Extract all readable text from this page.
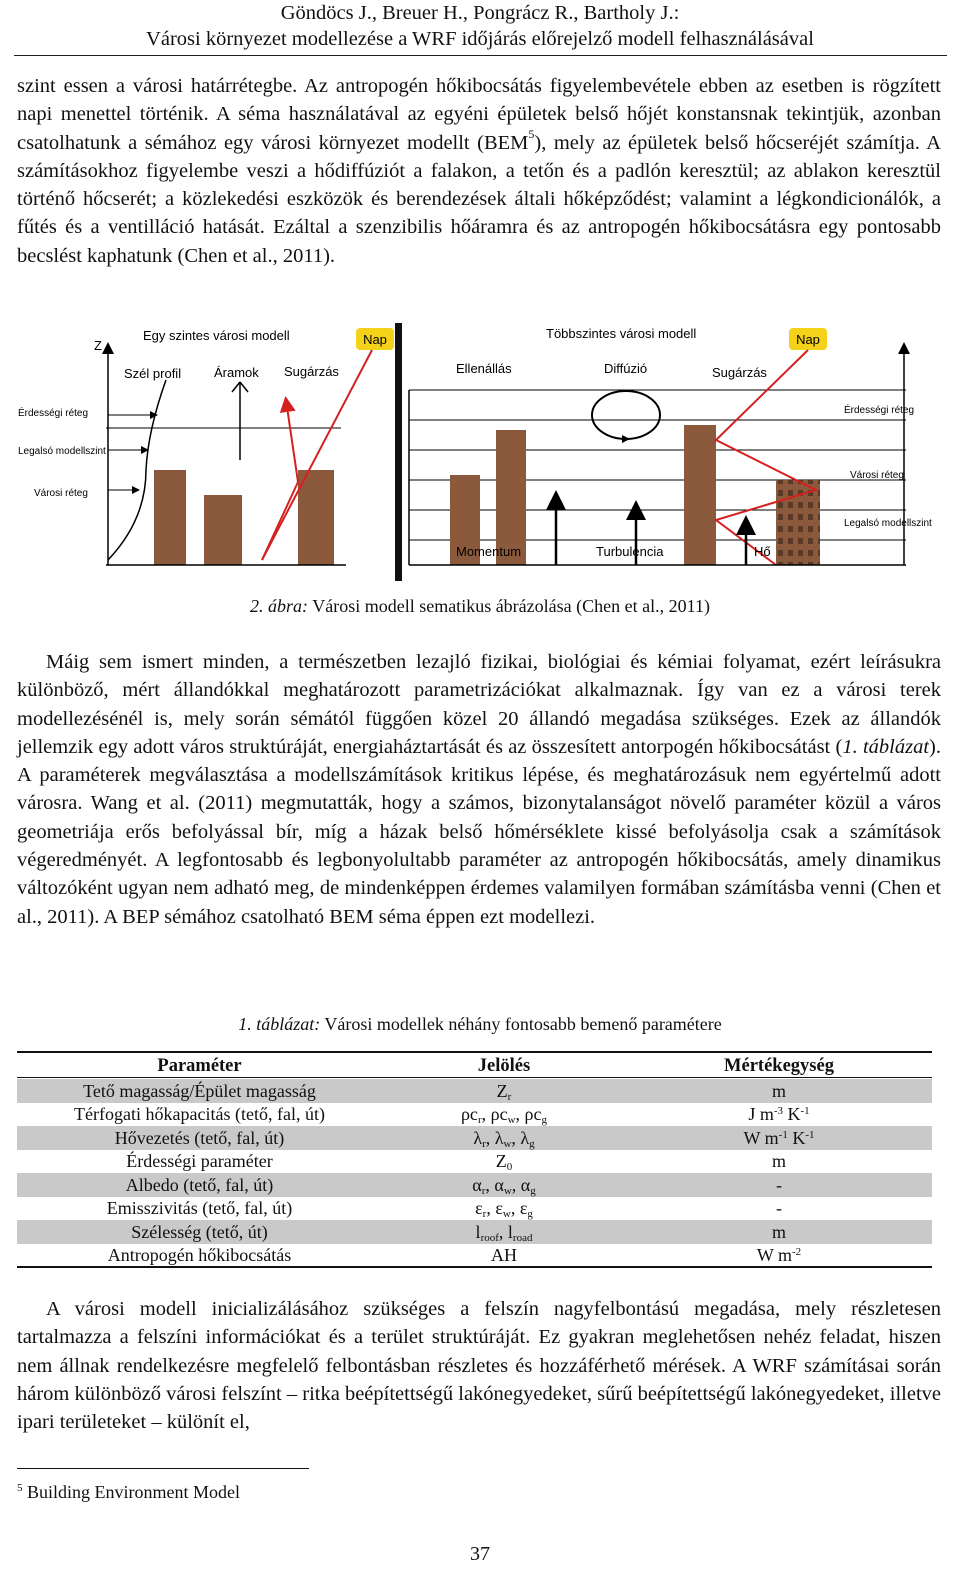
Göndöcs J., Breuer H., Pongrácz R., Bartholy J.:
Városi környezet modellezése a WRF időjárás előrejelző modell felhasználásával
szint essen a városi határrétegbe. Az antropogén hőkibocsátás figyelembevétele ebben az esetben is rögzített napi menettel történik. A séma használatával az egyéni épületek belső hőjét konstansnak tekintjük, azonban csatolhatunk a sémához egy városi környezet modellt (BEM$^5$), mely az épületek belső hőcseréjét számítja. A számításokhoz figyelembe veszi a hődiffúziót a falakon, a tetőn és a padlón keresztül; az ablakon keresztül történő hőcserét; a közlekedési eszközök és berendezések általi hőképződést; valamint a légkondicionálók, a fűtés és a ventilláció hatását. Ezáltal a szenzibilis hőáramra és az antropogén hőkibocsátásra egy pontosabb becslést kaphatunk (Chen et al., 2011).
Z
Egy szintes városi modell	Nap
Szél profil	Áramok Sugárzás
Érdességi réteg
Legalsó modellszint
Városi réteg
Többszintes városi modell	Nap
Ellenállás	Diffúzió	Sugárzás
Érdességi réteg
Városi réteg
Legalsó modellszint
Momentum	Turbulencia	Hő
2. ábra: Városi modell sematikus ábrázolása (Chen et al., 2011)
Máig sem ismert minden, a természetben lezajló fizikai, biológiai és kémiai folyamat, ezért leírásukra különböző, mért állandókkal meghatározott parametrizációkat alkalmaznak. Így van ez a városi terek modellezésénél is, mely során sémától függően közel 20 állandó megadása szükséges. Ezek az állandók jellemzik egy adott város struktúráját, energiaháztartását és az összesített antorpogén hőkibocsátást (1. táblázat). A paraméterek megválasztása a modellszámítások kritikus lépése, és meghatározásuk nem egyértelmű adott városra. Wang et al. (2011) megmutatták, hogy a számos, bizonytalanságot növelő paraméter közül a város geometriája erős befolyással bír, míg a házak belső hőmérséklete kissé befolyásolja csak a számítások végeredményét. A legfontosabb és legbonyolultabb paraméter az antropogén hőkibocsátás, amely dinamikus változóként ugyan nem adható meg, de mindenképpen érdemes valamilyen formában számításba venni (Chen et al., 2011). A BEP sémához csatolható BEM séma éppen ezt modellezi.
1. táblázat: Városi modellek néhány fontosabb bemenő paramétere
Paraméter	Jelölés	Mértékegység
Tető magasság/Épület magasság	$Z_r$	m
Térfogati hőkapacitás (tető, fal, út)	$\rho c_r$, $\rho c_w$, $\rho c_g$	J $m^{-3}$ $K^{-1}$
Hővezetés (tető, fal, út)	$\lambda_r$, $\lambda_w$, $\lambda_g$	W $m^{-1}$ $K^{-1}$
Érdességi paraméter	$Z_0$	m
Albedo (tető, fal, út)	$\alpha_r$, $\alpha_w$, $\alpha_g$	-
Emisszivitás (tető, fal, út)	$\varepsilon_r$, $\varepsilon_w$, $\varepsilon_g$	-
Szélesség (tető, út)	$l_{roof}$, $l_{road}$	m
Antropogén hőkibocsátás	AH	W $m^{-2}$
A városi modell inicializálásához szükséges a felszín nagyfelbontású megadása, mely részletesen tartalmazza a felszíni információkat és a terület struktúráját. Ez gyakran meglehetősen nehéz feladat, hiszen nem állnak rendelkezésre megfelelő felbontásban részletes és hozzáférhető mérések. A WRF számításai során három különböző városi felszínt – ritka beépítettségű lakónegyedeket, sűrű beépítettségű lakónegyedeket, illetve ipari területeket – különít el,
$^5$ Building Environment Model
37
